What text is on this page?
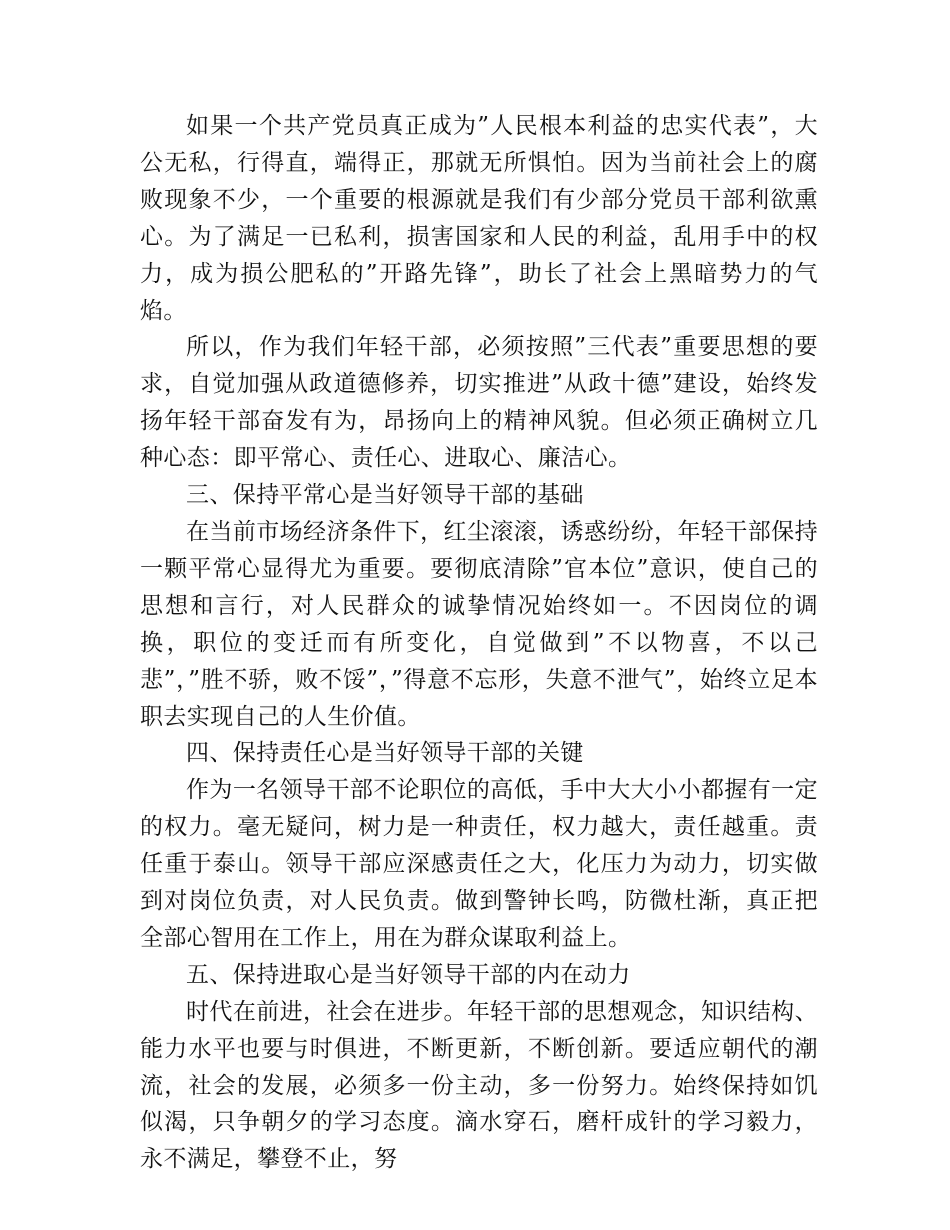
如果一个共产党员真正成为”人民根本利益的忠实代表”，大公无私，行得直，端得正，那就无所惧怕。因为当前社会上的腐败现象不少，一个重要的根源就是我们有少部分党员干部利欲熏心。为了满足一已私利，损害国家和人民的利益，乱用手中的权力，成为损公肥私的”开路先锋”，助长了社会上黑暗势力的气焰。

所以，作为我们年轻干部，必须按照”三代表”重要思想的要求，自觉加强从政道德修养，切实推进”从政十德”建设，始终发扬年轻干部奋发有为，昂扬向上的精神风貌。但必须正确树立几种心态：即平常心、责任心、进取心、廉洁心。

三、保持平常心是当好领导干部的基础

在当前市场经济条件下，红尘滚滚，诱惑纷纷，年轻干部保持一颗平常心显得尤为重要。要彻底清除”官本位”意识，使自己的思想和言行，对人民群众的诚挚情况始终如一。不因岗位的调换，职位的变迁而有所变化，自觉做到”不以物喜，不以己悲”，”胜不骄，败不馁”，”得意不忘形，失意不泄气”，始终立足本职去实现自己的人生价值。

四、保持责任心是当好领导干部的关键

作为一名领导干部不论职位的高低，手中大大小小都握有一定的权力。毫无疑问，树力是一种责任，权力越大，责任越重。责任重于泰山。领导干部应深感责任之大，化压力为动力，切实做到对岗位负责，对人民负责。做到警钟长鸣，防微杜渐，真正把全部心智用在工作上，用在为群众谋取利益上。

五、保持进取心是当好领导干部的内在动力

时代在前进，社会在进步。年轻干部的思想观念，知识结构、能力水平也要与时俱进，不断更新，不断创新。要适应朝代的潮流，社会的发展，必须多一份主动，多一份努力。始终保持如饥似渴，只争朝夕的学习态度。滴水穿石，磨杆成针的学习毅力，永不满足，攀登不止，努
